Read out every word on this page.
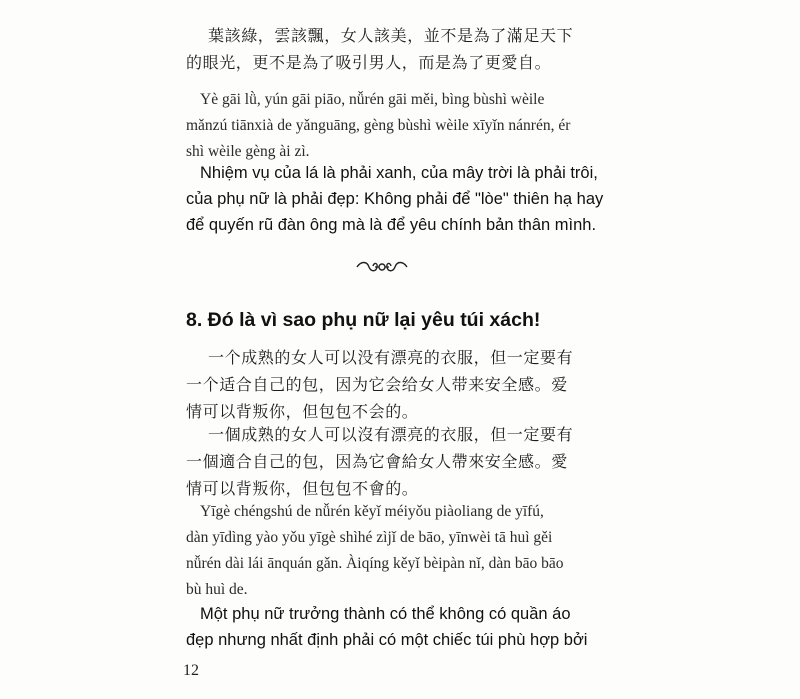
葉該綠，雲該飄，女人該美，並不是為了滿足天下
的眼光，更不是為了吸引男人，而是為了更愛自。

Yè gāi lǜ, yún gāi piāo, nǚrén gāi měi, bìng bùshì wèile
mǎnzú tiānxià de yǎnguāng, gèng bùshì wèile xīyǐn nánrén, ér
shì wèile gèng ài zì.

Nhiệm vụ của lá là phải xanh, của mây trời là phải trôi,
của phụ nữ là phải đẹp: Không phải để "lòe" thiên hạ hay
để quyến rũ đàn ông mà là để yêu chính bản thân mình.

8. Đó là vì sao phụ nữ lại yêu túi xách!

一个成熟的女人可以没有漂亮的衣服，但一定要有
一个适合自己的包，因为它会给女人带来安全感。爱
情可以背叛你，但包包不会的。

一個成熟的女人可以沒有漂亮的衣服，但一定要有
一個適合自己的包，因為它會給女人帶來安全感。愛
情可以背叛你，但包包不會的。

Yīgè chéngshú de nǚrén kěyǐ méiyǒu piàoliang de yīfú,
dàn yīdìng yào yǒu yīgè shìhé zìjǐ de bāo, yīnwèi tā huì gěi
nǚrén dài lái ānquán gǎn. Àiqíng kěyǐ bèipàn nǐ, dàn bāo bāo
bù huì de.

Một phụ nữ trưởng thành có thể không có quần áo
đẹp nhưng nhất định phải có một chiếc túi phù hợp bởi

12
